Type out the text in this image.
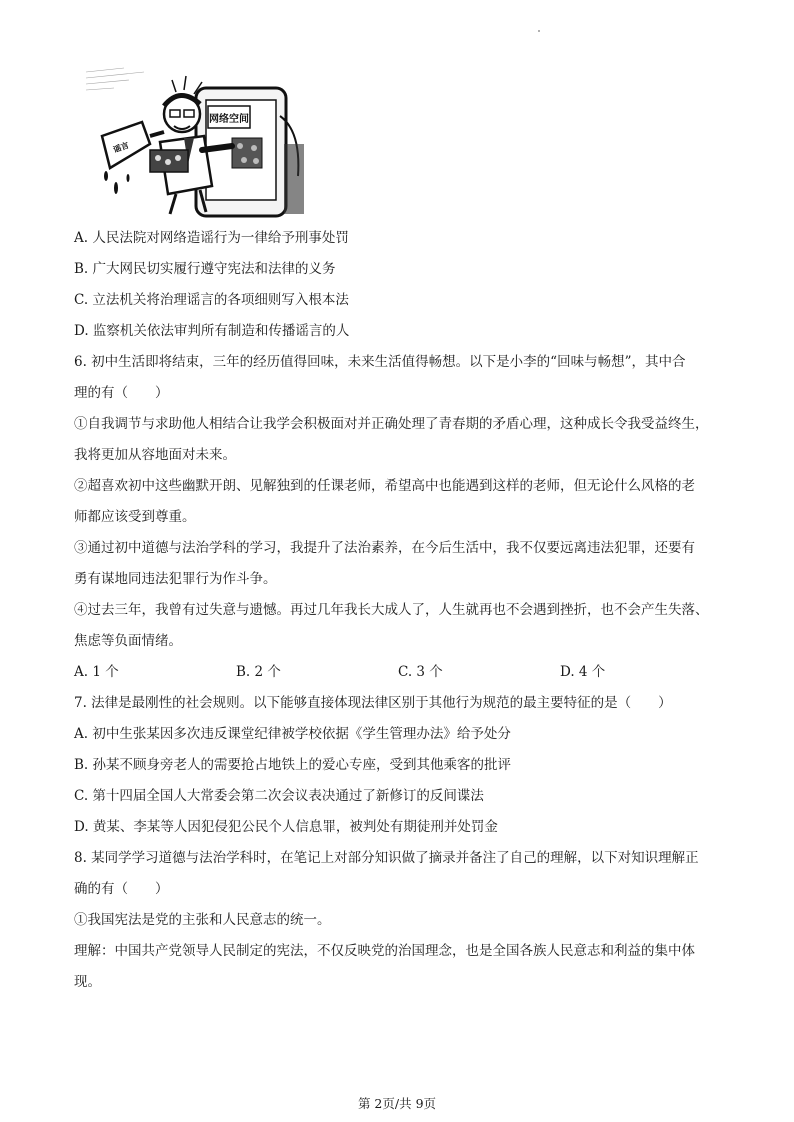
网络空间
谣言
A. 人民法院对网络造谣行为一律给予刑事处罚
B. 广大网民切实履行遵守宪法和法律的义务
C. 立法机关将治理谣言的各项细则写入根本法
D. 监察机关依法审判所有制造和传播谣言的人
6. 初中生活即将结束，三年的经历值得回味，未来生活值得畅想。以下是小李的“回味与畅想”，其中合
理的有（　　）
①自我调节与求助他人相结合让我学会积极面对并正确处理了青春期的矛盾心理，这种成长令我受益终生，
我将更加从容地面对未来。
②超喜欢初中这些幽默开朗、见解独到的任课老师，希望高中也能遇到这样的老师，但无论什么风格的老
师都应该受到尊重。
③通过初中道德与法治学科的学习，我提升了法治素养，在今后生活中，我不仅要远离违法犯罪，还要有
勇有谋地同违法犯罪行为作斗争。
④过去三年，我曾有过失意与遗憾。再过几年我长大成人了，人生就再也不会遇到挫折，也不会产生失落、
焦虑等负面情绪。
A. 1 个	B. 2 个	C. 3 个	D. 4 个
7. 法律是最刚性的社会规则。以下能够直接体现法律区别于其他行为规范的最主要特征的是（　　）
A. 初中生张某因多次违反课堂纪律被学校依据《学生管理办法》给予处分
B. 孙某不顾身旁老人的需要抢占地铁上的爱心专座，受到其他乘客的批评
C. 第十四届全国人大常委会第二次会议表决通过了新修订的反间谍法
D. 黄某、李某等人因犯侵犯公民个人信息罪，被判处有期徒刑并处罚金
8. 某同学学习道德与法治学科时，在笔记上对部分知识做了摘录并备注了自己的理解，以下对知识理解正
确的有（　　）
①我国宪法是党的主张和人民意志的统一。
理解：中国共产党领导人民制定的宪法，不仅反映党的治国理念，也是全国各族人民意志和利益的集中体
现。
第 2页/共 9页
